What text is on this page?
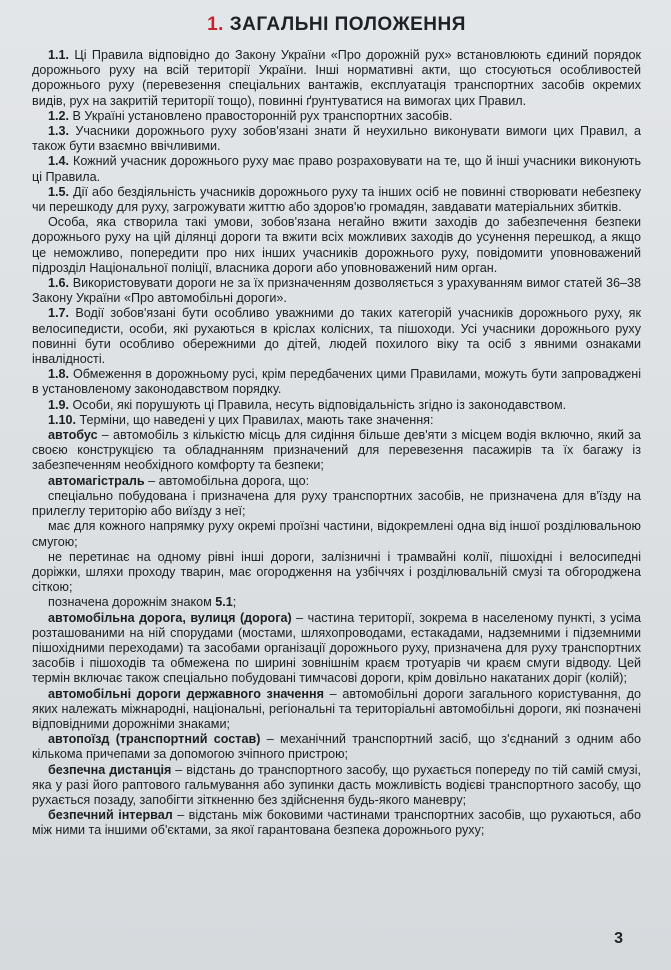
1. ЗАГАЛЬНІ ПОЛОЖЕННЯ

1.1. Ці Правила відповідно до Закону України «Про дорожній рух» встановлюють єдиний порядок дорожнього руху на всій території України. Інші нормативні акти, що стосуються особливостей дорожнього руху (перевезення спеціальних вантажів, експлуатація транспортних засобів окремих видів, рух на закритій території тощо), повинні ґрунтуватися на вимогах цих Правил.

1.2. В Україні установлено правосторонній рух транспортних засобів.

1.3. Учасники дорожнього руху зобов'язані знати й неухильно виконувати вимоги цих Правил, а також бути взаємно ввічливими.

1.4. Кожний учасник дорожнього руху має право розраховувати на те, що й інші учасники виконують ці Правила.

1.5. Дії або бездіяльність учасників дорожнього руху та інших осіб не повинні створювати небезпеку чи перешкоду для руху, загрожувати життю або здоров'ю громадян, завдавати матеріальних збитків.

Особа, яка створила такі умови, зобов'язана негайно вжити заходів до забезпечення безпеки дорожнього руху на цій ділянці дороги та вжити всіх можливих заходів до усунення перешкод, а якщо це неможливо, попередити про них інших учасників дорожнього руху, повідомити уповноважений підрозділ Національної поліції, власника дороги або уповноважений ним орган.

1.6. Використовувати дороги не за їх призначенням дозволяється з урахуванням вимог статей 36–38 Закону України «Про автомобільні дороги».

1.7. Водії зобов'язані бути особливо уважними до таких категорій учасників дорожнього руху, як велосипедисти, особи, які рухаються в кріслах колісних, та пішоходи. Усі учасники дорожнього руху повинні бути особливо обережними до дітей, людей похилого віку та осіб з явними ознаками інвалідності.

1.8. Обмеження в дорожньому русі, крім передбачених цими Правилами, можуть бути запроваджені в установленому законодавством порядку.

1.9. Особи, які порушують ці Правила, несуть відповідальність згідно із законодавством.

1.10. Терміни, що наведені у цих Правилах, мають таке значення:

автобус – автомобіль з кількістю місць для сидіння більше дев'яти з місцем водія включно, який за своєю конструкцією та обладнанням призначений для перевезення пасажирів та їх багажу із забезпеченням необхідного комфорту та безпеки;

автомагістраль – автомобільна дорога, що:

спеціально побудована і призначена для руху транспортних засобів, не призначена для в'їзду на прилеглу територію або виїзду з неї;

має для кожного напрямку руху окремі проїзні частини, відокремлені одна від іншої розділювальною смугою;

не перетинає на одному рівні інші дороги, залізничні і трамвайні колії, пішохідні і велосипедні доріжки, шляхи проходу тварин, має огородження на узбіччях і розділювальній смузі та обгороджена сіткою;

позначена дорожнім знаком 5.1;

автомобільна дорога, вулиця (дорога) – частина території, зокрема в населеному пункті, з усіма розташованими на ній спорудами (мостами, шляхопроводами, естакадами, надземними і підземними пішохідними переходами) та засобами організації дорожнього руху, призначена для руху транспортних засобів і пішоходів та обмежена по ширині зовнішнім краєм тротуарів чи краєм смуги відводу. Цей термін включає також спеціально побудовані тимчасові дороги, крім довільно накатаних доріг (колій);

автомобільні дороги державного значення – автомобільні дороги загального користування, до яких належать міжнародні, національні, регіональні та територіальні автомобільні дороги, які позначені відповідними дорожніми знаками;

автопоїзд (транспортний состав) – механічний транспортний засіб, що з'єднаний з одним або кількома причепами за допомогою зчіпного пристрою;

безпечна дистанція – відстань до транспортного засобу, що рухається попереду по тій самій смузі, яка у разі його раптового гальмування або зупинки дасть можливість водієві транспортного засобу, що рухається позаду, запобігти зіткненню без здійснення будь-якого маневру;

безпечний інтервал – відстань між боковими частинами транспортних засобів, що рухаються, або між ними та іншими об'єктами, за якої гарантована безпека дорожнього руху;

3
